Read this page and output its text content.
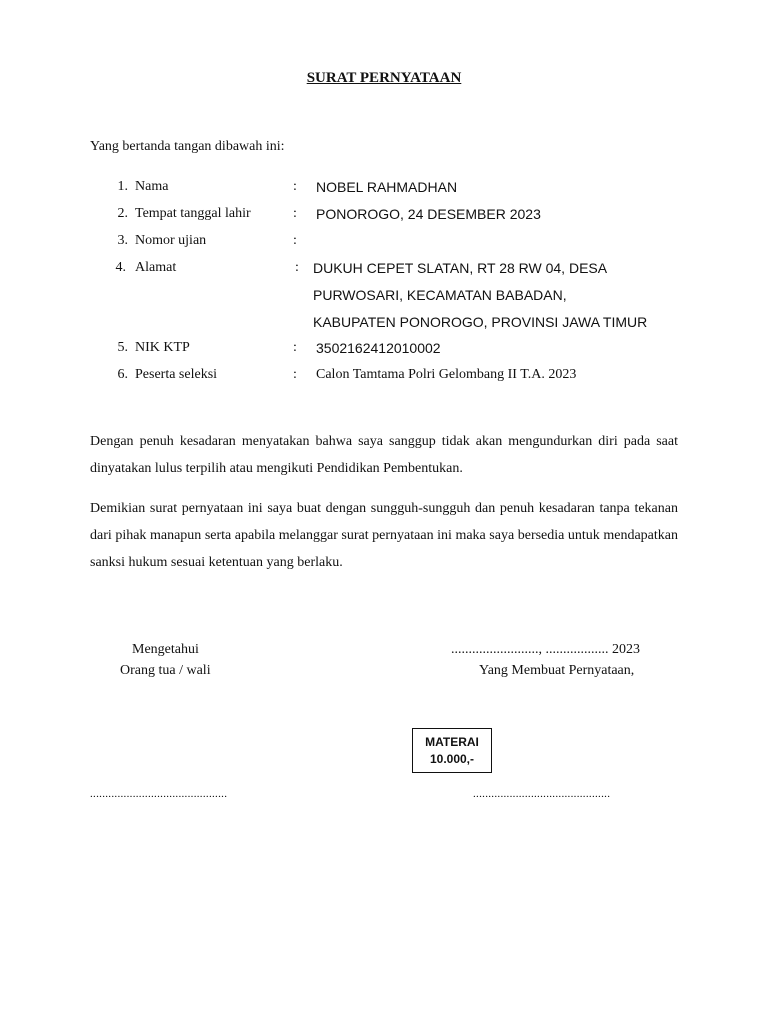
SURAT PERNYATAAN
Yang bertanda tangan dibawah ini:
1. Nama	: NOBEL RAHMADHAN
2. Tempat tanggal lahir	: PONOROGO, 24 DESEMBER 2023
3. Nomor ujian	:
4. Alamat	: DUKUH CEPET SLATAN, RT 28 RW 04, DESA
PURWOSARI, KECAMATAN BABADAN,
KABUPATEN PONOROGO, PROVINSI JAWA TIMUR
5. NIK KTP	: 3502162412010002
6. Peserta seleksi	: Calon Tamtama Polri Gelombang II T.A. 2023
Dengan penuh kesadaran menyatakan bahwa saya sanggup tidak akan mengundurkan diri pada saat dinyatakan lulus terpilih atau mengikuti Pendidikan Pembentukan.
Demikian surat pernyataan ini saya buat dengan sungguh-sungguh dan penuh kesadaran tanpa tekanan dari pihak manapun serta apabila melanggar surat pernyataan ini maka saya bersedia untuk mendapatkan sanksi hukum sesuai ketentuan yang berlaku.
Mengetahui
Orang tua / wali
........................., .................. 2023
Yang Membuat Pernyataan,
MATERAI
10.000,-
.............................................	.............................................
